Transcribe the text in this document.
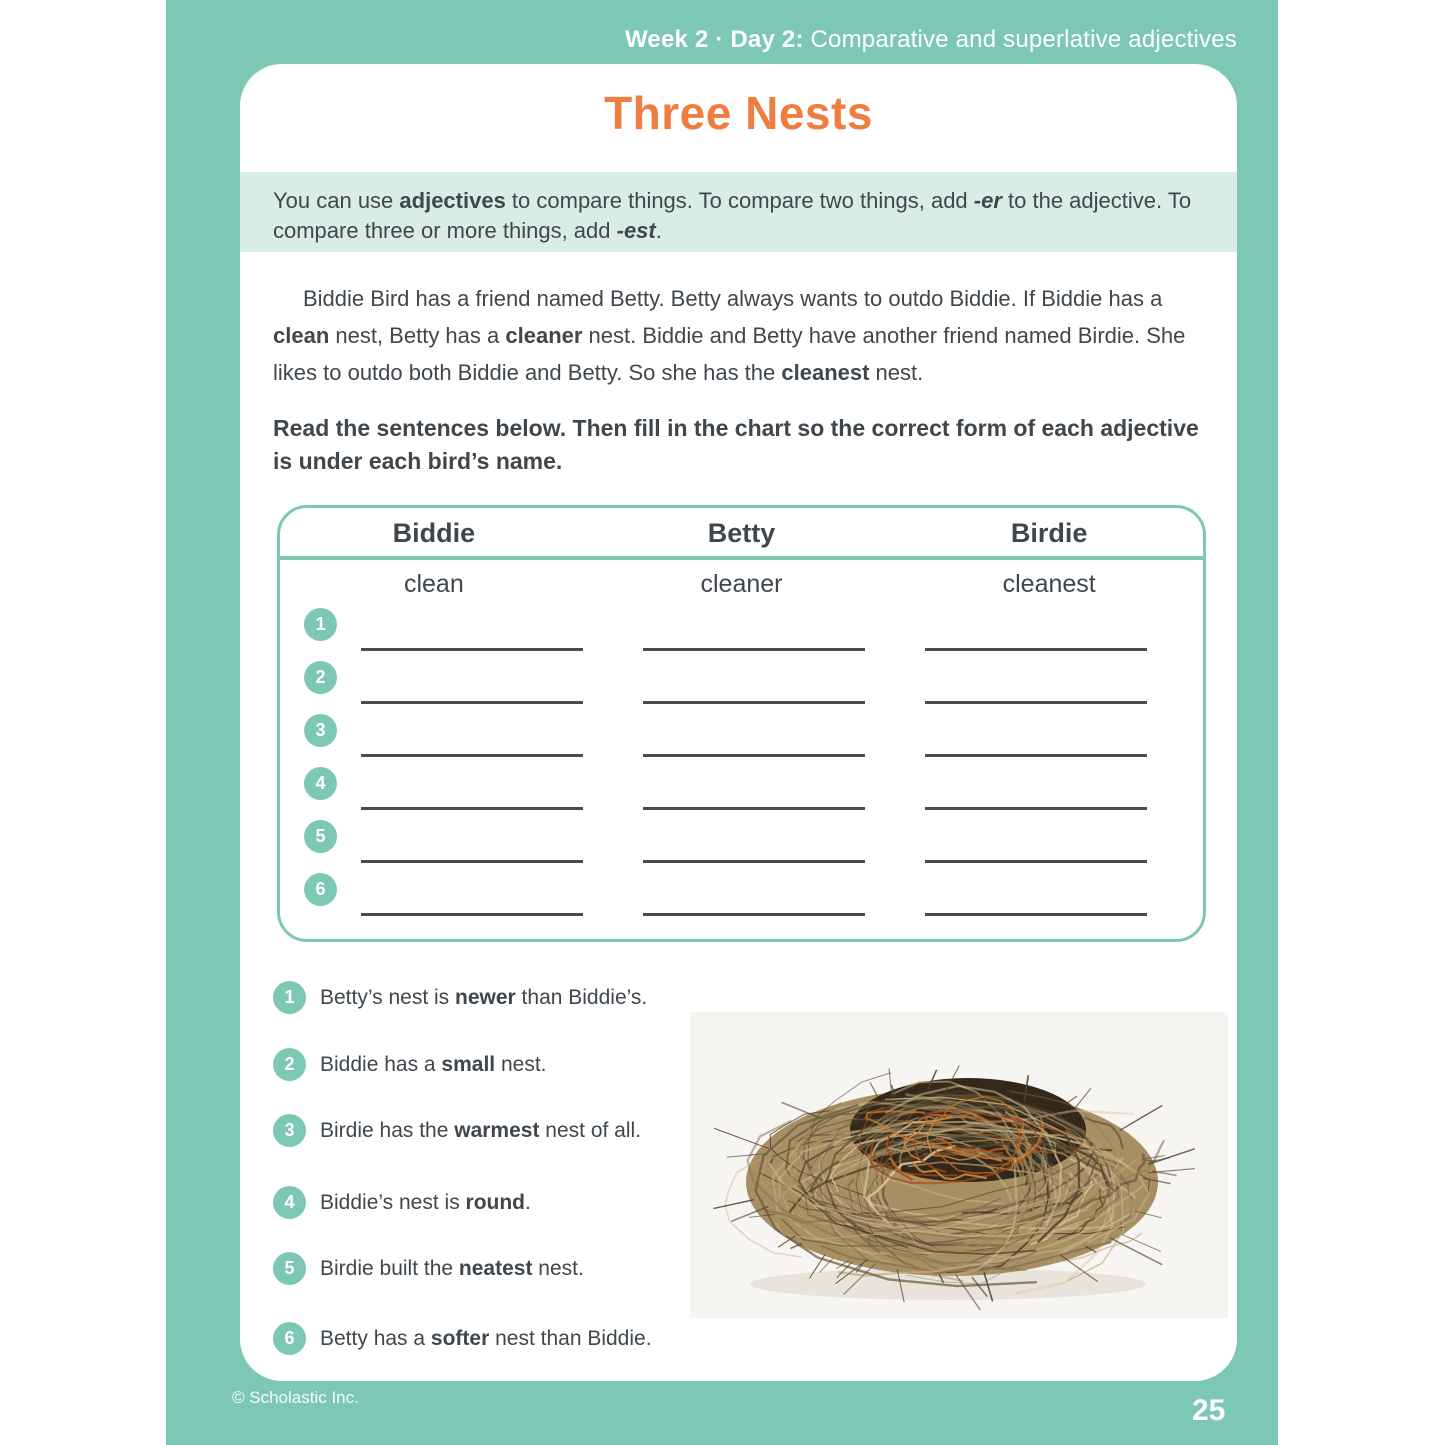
Week 2 · Day 2: Comparative and superlative adjectives
Three Nests
You can use adjectives to compare things. To compare two things, add -er to the adjective. To compare three or more things, add -est.
Biddie Bird has a friend named Betty. Betty always wants to outdo Biddie. If Biddie has a clean nest, Betty has a cleaner nest. Biddie and Betty have another friend named Birdie. She likes to outdo both Biddie and Betty. So she has the cleanest nest.
Read the sentences below. Then fill in the chart so the correct form of each adjective is under each bird’s name.
Biddie	Betty	Birdie
clean	cleaner	cleanest
1
2
3
4
5
6
1	Betty’s nest is newer than Biddie’s.
2	Biddie has a small nest.
3	Birdie has the warmest nest of all.
4	Biddie’s nest is round.
5	Birdie built the neatest nest.
6	Betty has a softer nest than Biddie.
© Scholastic Inc.	25
